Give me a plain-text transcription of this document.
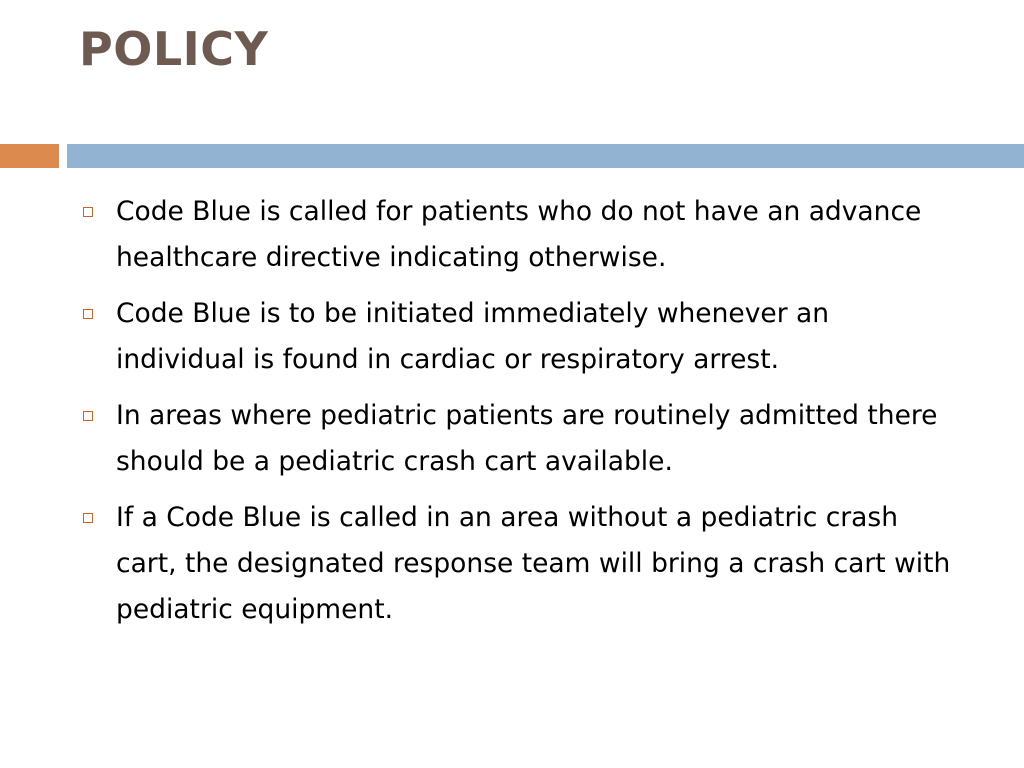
POLICY
Code Blue is called for patients who do not have an advance healthcare directive indicating otherwise.
Code Blue is to be initiated immediately whenever an individual is found in cardiac or respiratory arrest.
In areas where pediatric patients are routinely admitted there should be a pediatric crash cart available.
If a Code Blue is called in an area without a pediatric crash cart, the designated response team will bring a crash cart with pediatric equipment.
